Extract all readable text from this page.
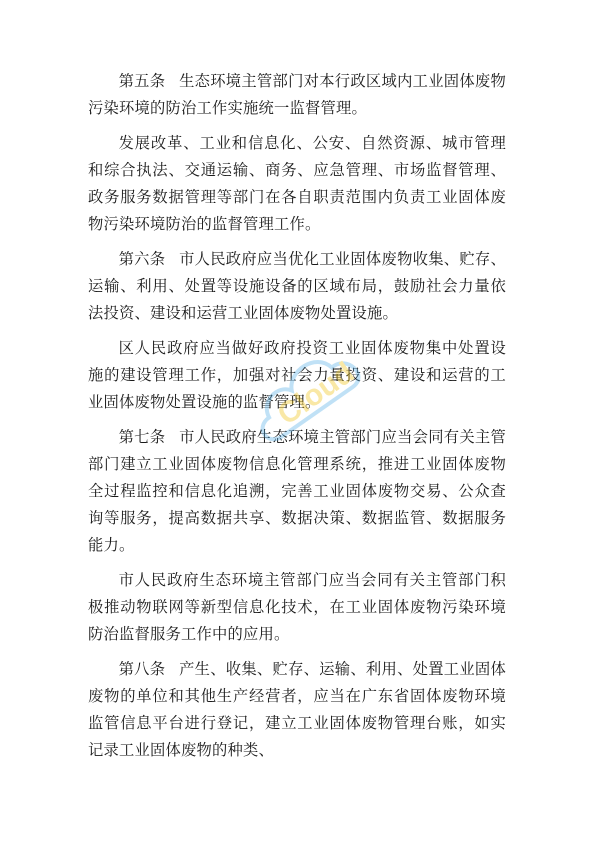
第五条 生态环境主管部门对本行政区域内工业固体废物污染环境的防治工作实施统一监督管理。

发展改革、工业和信息化、公安、自然资源、城市管理和综合执法、交通运输、商务、应急管理、市场监督管理、政务服务数据管理等部门在各自职责范围内负责工业固体废物污染环境防治的监督管理工作。

第六条 市人民政府应当优化工业固体废物收集、贮存、运输、利用、处置等设施设备的区域布局，鼓励社会力量依法投资、建设和运营工业固体废物处置设施。

区人民政府应当做好政府投资工业固体废物集中处置设施的建设管理工作，加强对社会力量投资、建设和运营的工业固体废物处置设施的监督管理。

第七条 市人民政府生态环境主管部门应当会同有关主管部门建立工业固体废物信息化管理系统，推进工业固体废物全过程监控和信息化追溯，完善工业固体废物交易、公众查询等服务，提高数据共享、数据决策、数据监管、数据服务能力。

市人民政府生态环境主管部门应当会同有关主管部门积极推动物联网等新型信息化技术，在工业固体废物污染环境防治监督服务工作中的应用。

第八条 产生、收集、贮存、运输、利用、处置工业固体废物的单位和其他生产经营者，应当在广东省固体废物环境监管信息平台进行登记，建立工业固体废物管理台账，如实记录工业固体废物的种类、

Cloud
